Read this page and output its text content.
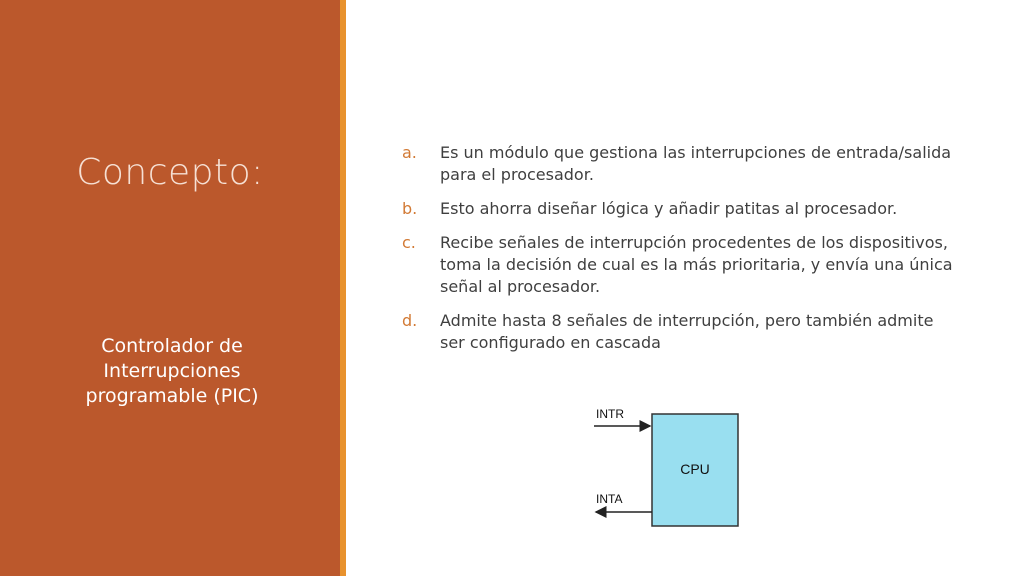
Concepto:
Controlador de Interrupciones programable (PIC)
a. Es un módulo que gestiona las interrupciones de entrada/salida para el procesador.
b. Esto ahorra diseñar lógica y añadir patitas al procesador.
c. Recibe señales de interrupción procedentes de los dispositivos, toma la decisión de cual es la más prioritaria, y envía una única señal al procesador.
d. Admite hasta 8 señales de interrupción, pero también admite ser configurado en cascada
CPU
INTR
INTA
